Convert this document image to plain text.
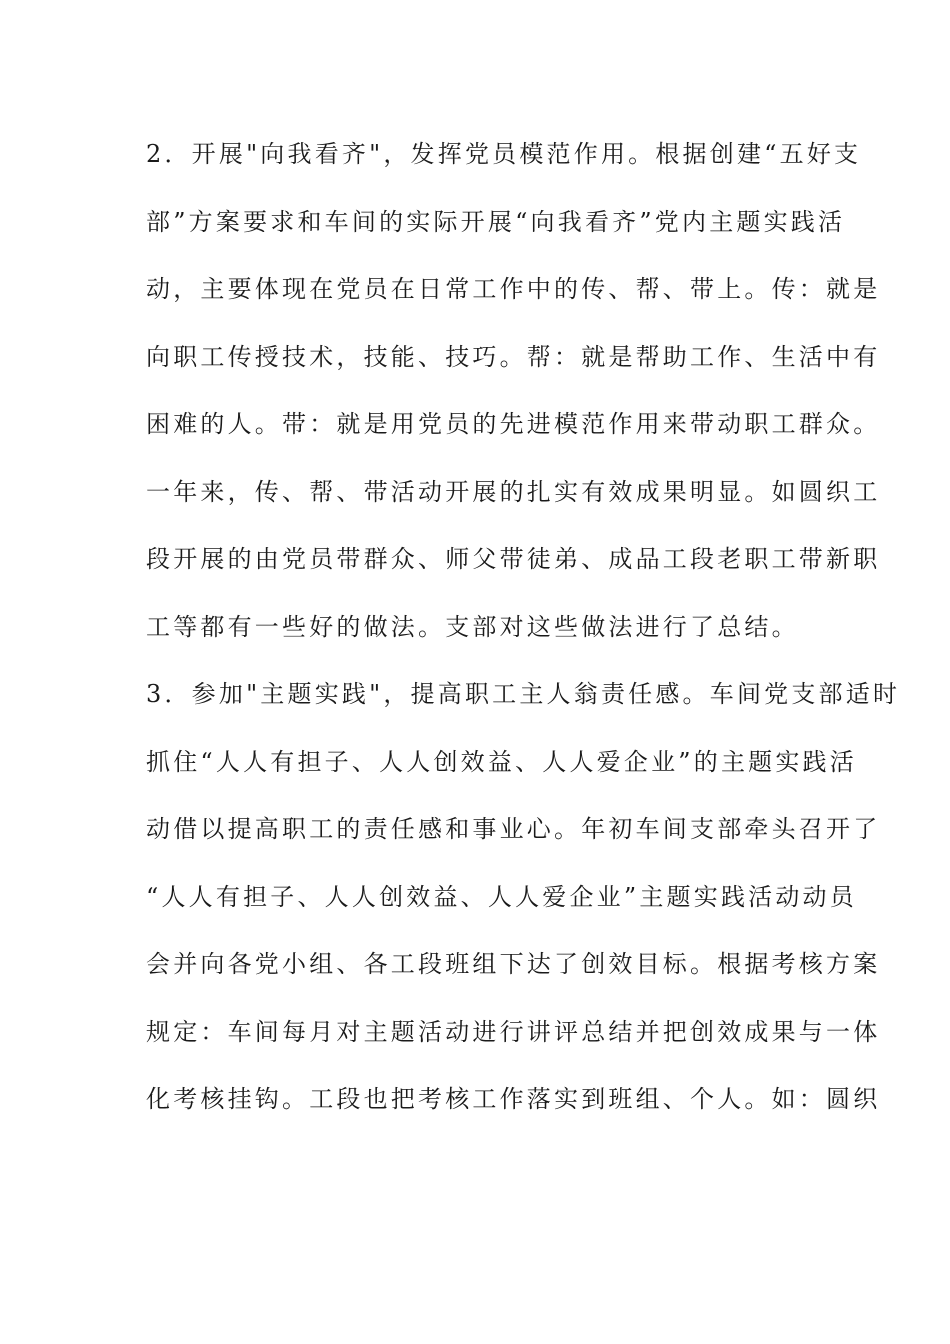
2．开展"向我看齐"，发挥党员模范作用。根据创建“五好支
部”方案要求和车间的实际开展“向我看齐”党内主题实践活
动，主要体现在党员在日常工作中的传、帮、带上。传：就是
向职工传授技术，技能、技巧。帮：就是帮助工作、生活中有
困难的人。带：就是用党员的先进模范作用来带动职工群众。
一年来，传、帮、带活动开展的扎实有效成果明显。如圆织工
段开展的由党员带群众、师父带徒弟、成品工段老职工带新职
工等都有一些好的做法。支部对这些做法进行了总结。
3．参加"主题实践"，提高职工主人翁责任感。车间党支部适时
抓住“人人有担子、人人创效益、人人爱企业”的主题实践活
动借以提高职工的责任感和事业心。年初车间支部牵头召开了
“人人有担子、人人创效益、人人爱企业”主题实践活动动员
会并向各党小组、各工段班组下达了创效目标。根据考核方案
规定：车间每月对主题活动进行讲评总结并把创效成果与一体
化考核挂钩。工段也把考核工作落实到班组、个人。如：圆织
